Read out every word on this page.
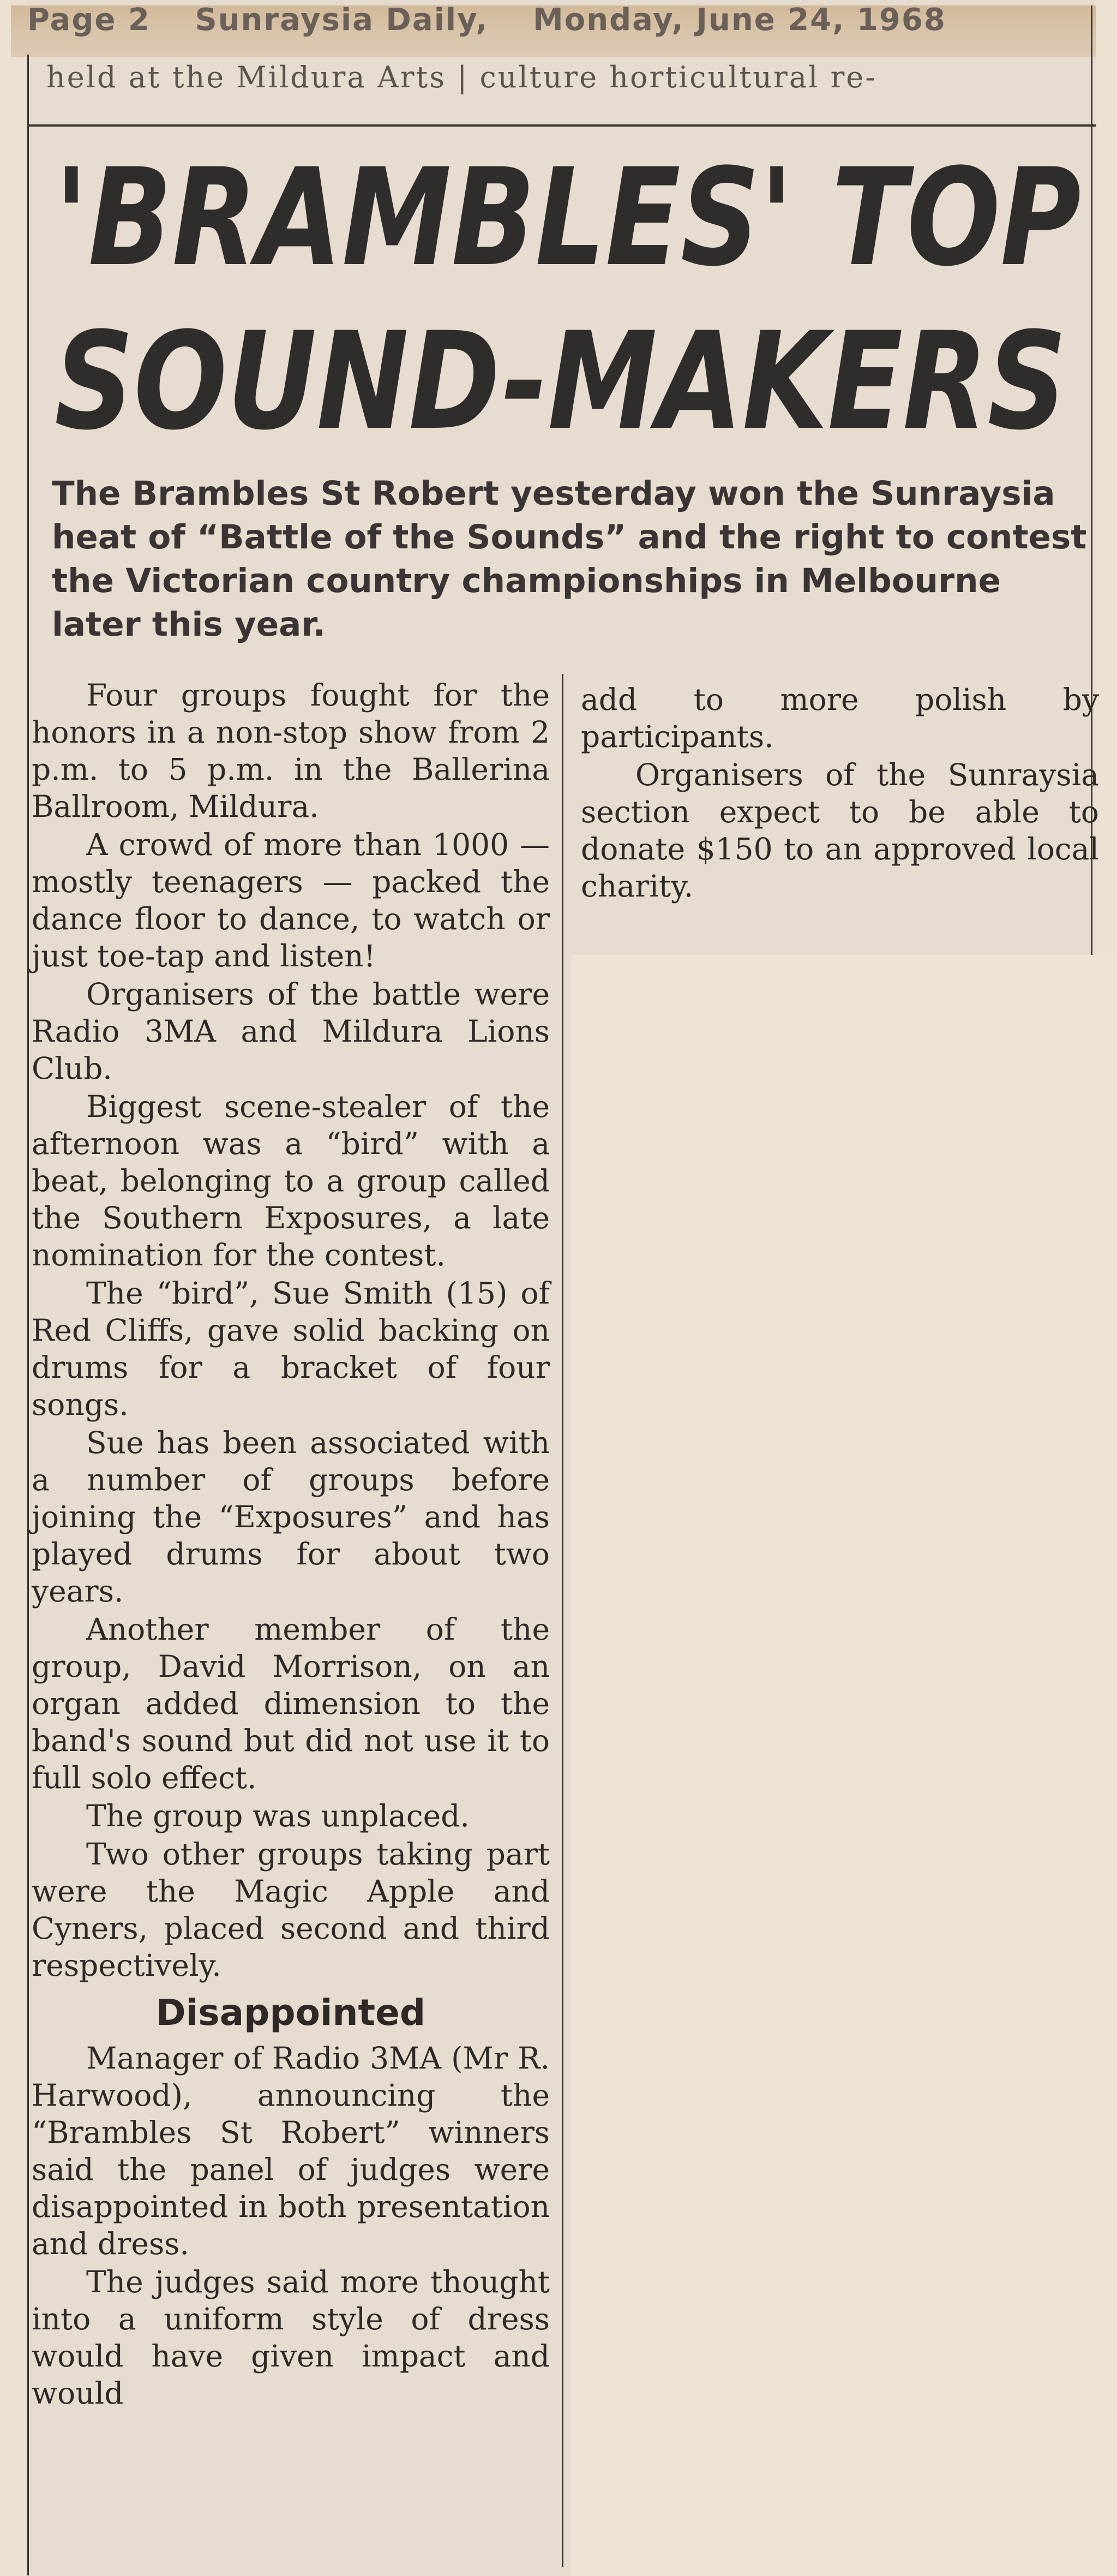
Page 2 Sunraysia Daily, Monday, June 24, 1968
held at the Mildura Arts | culture horticultural re-
'BRAMBLES' TOP
SOUND-MAKERS
The Brambles St Robert yesterday won the Sunraysia heat of “Battle of the Sounds” and the right to contest the Victorian country championships in Melbourne later this year.

Four groups fought for the honors in a non-stop show from 2 p.m. to 5 p.m. in the Ballerina Ballroom, Mildura.

A crowd of more than 1000 — mostly teenagers — packed the dance floor to dance, to watch or just toe-tap and listen!

Organisers of the battle were Radio 3MA and Mildura Lions Club.

Biggest scene-stealer of the afternoon was a “bird” with a beat, belonging to a group called the Southern Exposures, a late nomination for the contest.

The “bird”, Sue Smith (15) of Red Cliffs, gave solid backing on drums for a bracket of four songs.

Sue has been associated with a number of groups before joining the “Exposures” and has played drums for about two years.

Another member of the group, David Morrison, on an organ added dimension to the band's sound but did not use it to full solo effect.

The group was unplaced.

Two other groups taking part were the Magic Apple and Cyners, placed second and third respectively.

Disappointed

Manager of Radio 3MA (Mr R. Harwood), announcing the “Brambles St Robert” winners said the panel of judges were disappointed in both presentation and dress.

The judges said more thought into a uniform style of dress would have given impact and would

add to more polish by participants.

Organisers of the Sunraysia section expect to be able to donate $150 to an approved local charity.
